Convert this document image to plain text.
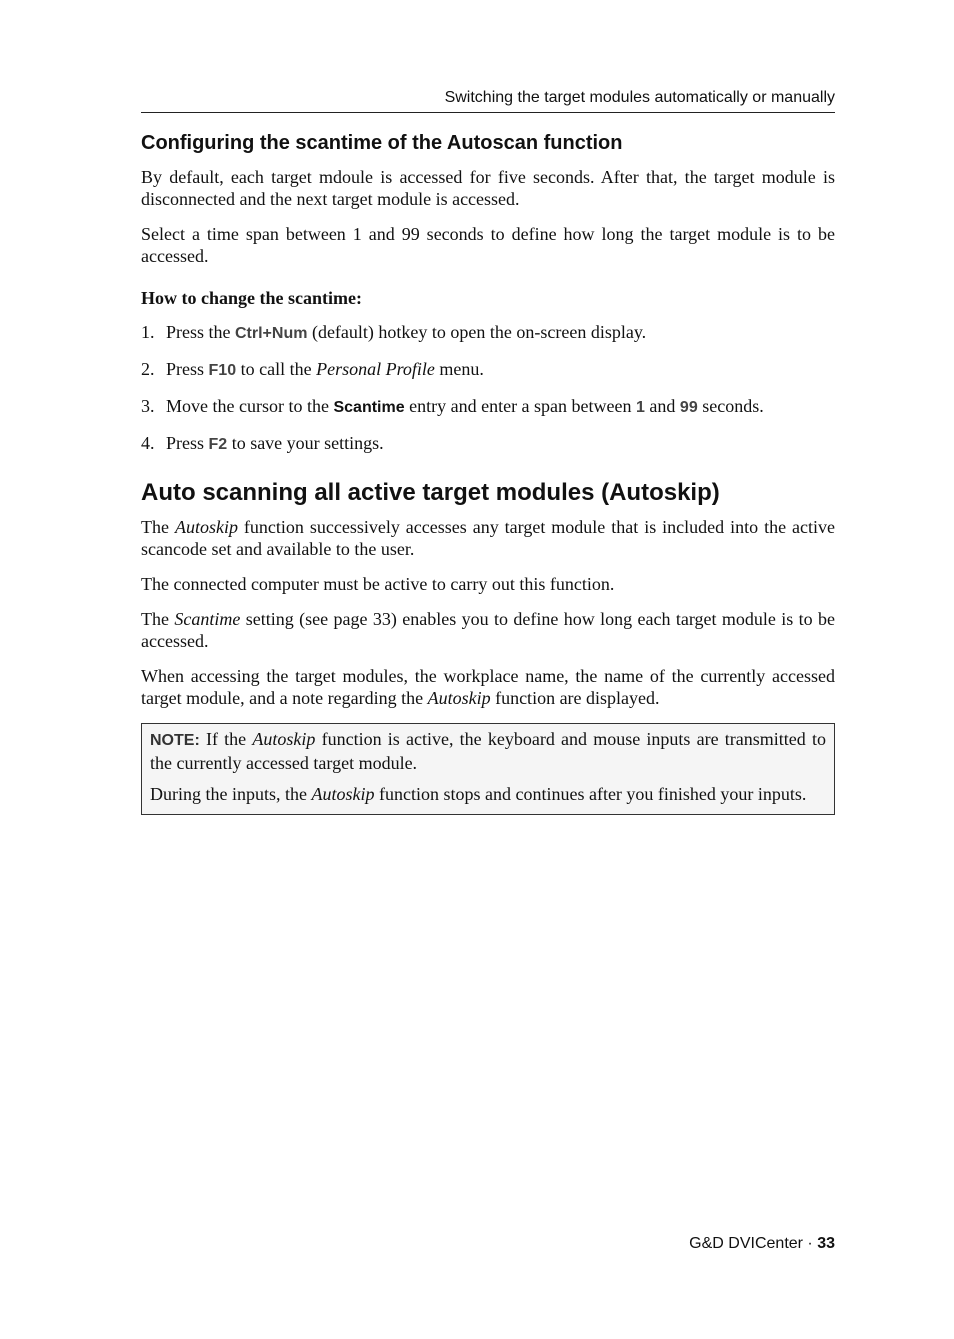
Switching the target modules automatically or manually
Configuring the scantime of the Autoscan function

By default, each target mdoule is accessed for five seconds. After that, the target module is disconnected and the next target module is accessed.

Select a time span between 1 and 99 seconds to define how long the target module is to be accessed.

How to change the scantime:

1. Press the Ctrl+Num (default) hotkey to open the on-screen display.
2. Press F10 to call the Personal Profile menu.
3. Move the cursor to the Scantime entry and enter a span between 1 and 99 seconds.
4. Press F2 to save your settings.
Auto scanning all active target modules (Autoskip)

The Autoskip function successively accesses any target module that is included into the active scancode set and available to the user.

The connected computer must be active to carry out this function.

The Scantime setting (see page 33) enables you to define how long each target module is to be accessed.

When accessing the target modules, the workplace name, the name of the currently accessed target module, and a note regarding the Autoskip function are displayed.

NOTE: If the Autoskip function is active, the keyboard and mouse inputs are transmitted to the currently accessed target module.

During the inputs, the Autoskip function stops and continues after you finished your inputs.

G&D DVICenter · 33
